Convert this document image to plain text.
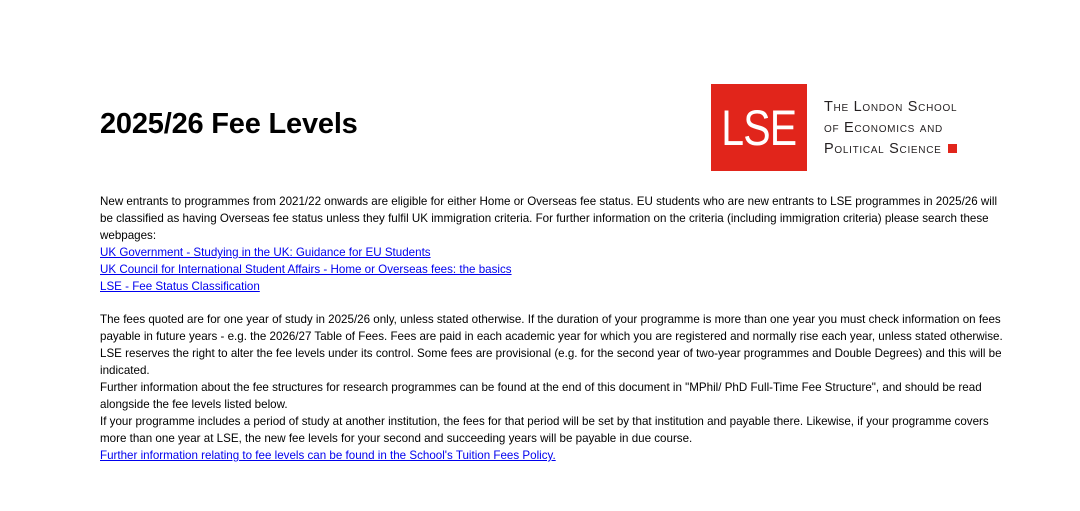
2025/26 Fee Levels	LSE The London School
of Economics and
Political Science

New entrants to programmes from 2021/22 onwards are eligible for either Home or Overseas fee status. EU students who are new entrants to LSE programmes in 2025/26 will be classified as having Overseas fee status unless they fulfil UK immigration criteria. For further information on the criteria (including immigration criteria) please search these webpages:

UK Government - Studying in the UK: Guidance for EU Students
UK Council for International Student Affairs - Home or Overseas fees: the basics
LSE - Fee Status Classification

The fees quoted are for one year of study in 2025/26 only, unless stated otherwise. If the duration of your programme is more than one year you must check information on fees payable in future years - e.g. the 2026/27 Table of Fees. Fees are paid in each academic year for which you are registered and normally rise each year, unless stated otherwise. LSE reserves the right to alter the fee levels under its control. Some fees are provisional (e.g. for the second year of two-year programmes and Double Degrees) and this will be indicated.

Further information about the fee structures for research programmes can be found at the end of this document in "MPhil/ PhD Full-Time Fee Structure", and should be read alongside the fee levels listed below.

If your programme includes a period of study at another institution, the fees for that period will be set by that institution and payable there. Likewise, if your programme covers more than one year at LSE, the new fee levels for your second and succeeding years will be payable in due course.

Further information relating to fee levels can be found in the School's Tuition Fees Policy.
